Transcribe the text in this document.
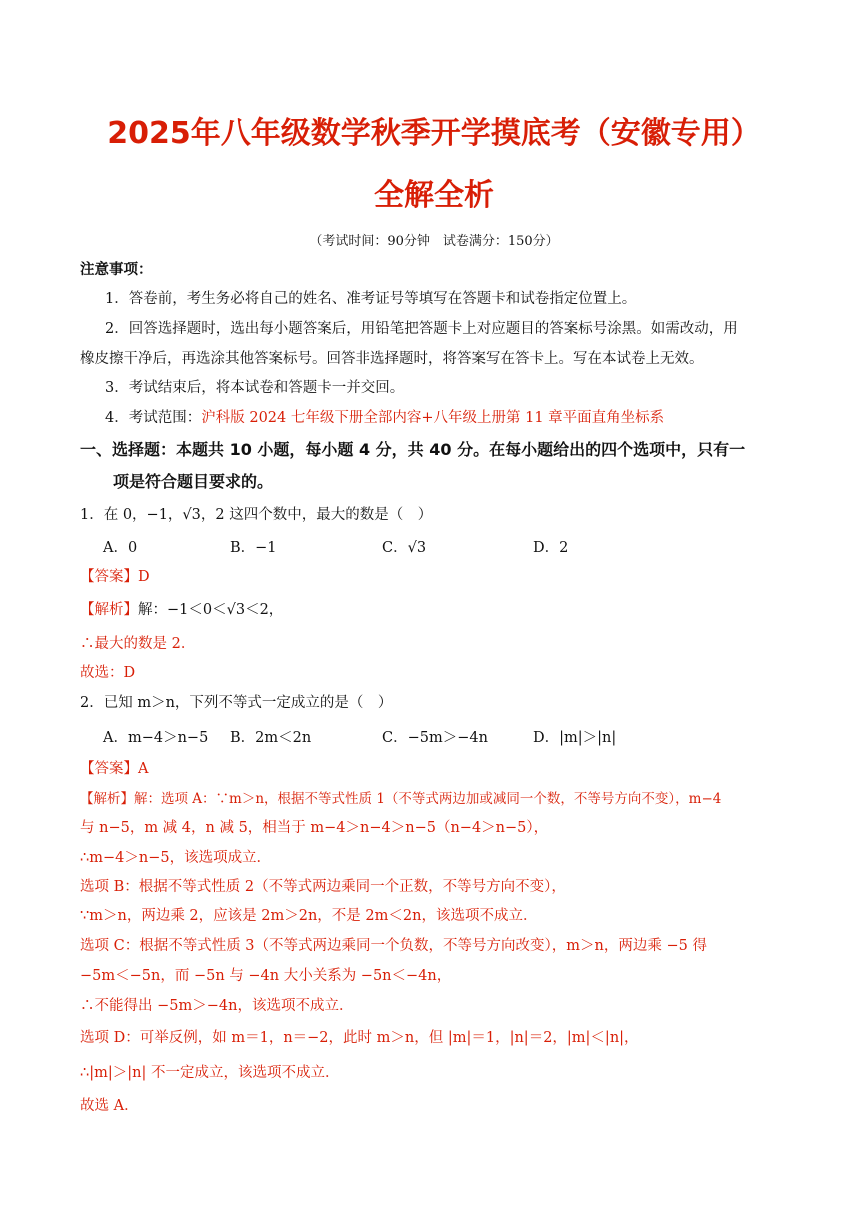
2025年八年级数学秋季开学摸底考（安徽专用）
全解全析
（考试时间：90分钟　试卷满分：150分）
注意事项：
1．答卷前，考生务必将自己的姓名、准考证号等填写在答题卡和试卷指定位置上。
2．回答选择题时，选出每小题答案后，用铅笔把答题卡上对应题目的答案标号涂黑。如需改动，用
橡皮擦干净后，再选涂其他答案标号。回答非选择题时，将答案写在答卡上。写在本试卷上无效。
3．考试结束后，将本试卷和答题卡一并交回。
4．考试范围：沪科版 2024 七年级下册全部内容+八年级上册第 11 章平面直角坐标系
一、选择题：本题共 10 小题，每小题 4 分，共 40 分。在每小题给出的四个选项中，只有一
项是符合题目要求的。
1．在 0，−1，√3，2 这四个数中，最大的数是（　）
A．0	B．−1	C．√3	D．2
【答案】D
【解析】解：−1＜0＜√3＜2，
∴最大的数是 2．
故选：D
2．已知 m＞n，下列不等式一定成立的是（　）
A．m−4＞n−5 B．2m＜2n	C．−5m＞−4n	D．|m|＞|n|
【答案】A
【解析】解：选项 A：∵m＞n，根据不等式性质 1（不等式两边加或减同一个数，不等号方向不变），m−4
与 n−5，m 减 4，n 减 5，相当于 m−4＞n−4＞n−5（n−4＞n−5），
∴m−4＞n−5，该选项成立．
选项 B：根据不等式性质 2（不等式两边乘同一个正数，不等号方向不变），
∵m＞n，两边乘 2，应该是 2m＞2n，不是 2m＜2n，该选项不成立．
选项 C：根据不等式性质 3（不等式两边乘同一个负数，不等号方向改变），m＞n，两边乘 −5 得
−5m＜−5n，而 −5n 与 −4n 大小关系为 −5n＜−4n，
∴不能得出 −5m＞−4n，该选项不成立．
选项 D：可举反例，如 m＝1，n＝−2，此时 m＞n，但 |m|＝1，|n|＝2，|m|＜|n|，
∴|m|＞|n| 不一定成立，该选项不成立．
故选 A．
